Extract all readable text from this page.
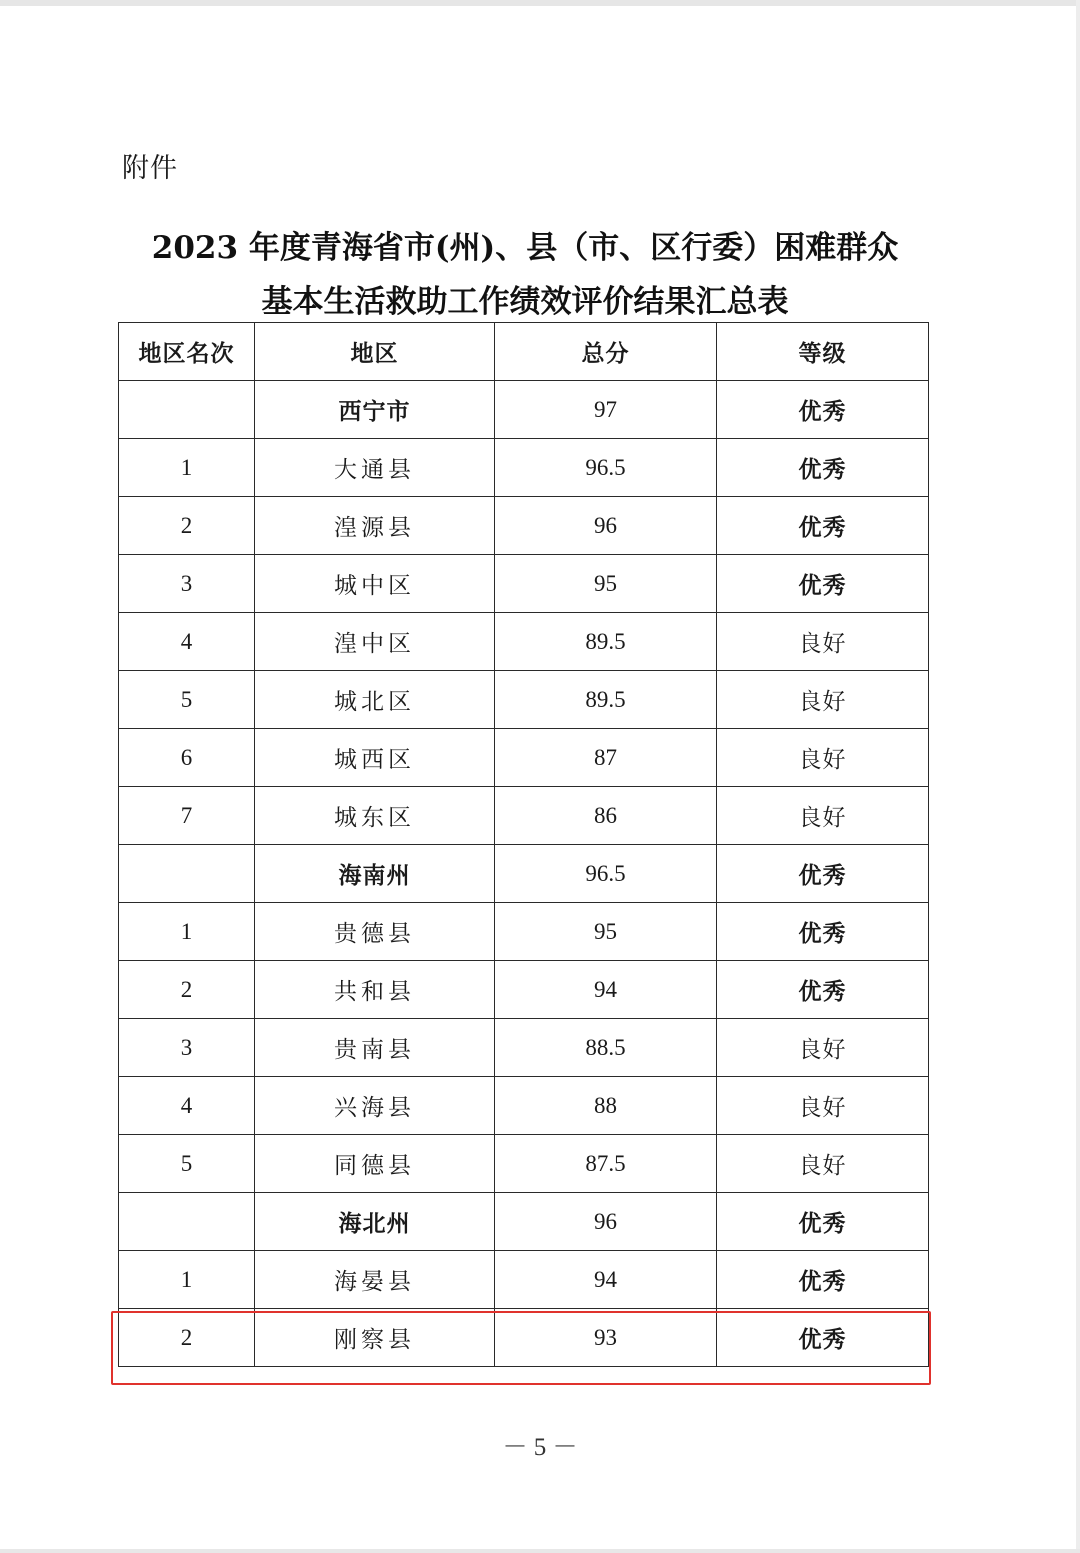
附件
2023 年度青海省市(州)、县（市、区行委）困难群众
基本生活救助工作绩效评价结果汇总表
地区名次	地区	总分	等级
	西宁市	97	优秀
1	大通县	96.5	优秀
2	湟源县	96	优秀
3	城中区	95	优秀
4	湟中区	89.5	良好
5	城北区	89.5	良好
6	城西区	87	良好
7	城东区	86	良好
	海南州	96.5	优秀
1	贵德县	95	优秀
2	共和县	94	优秀
3	贵南县	88.5	良好
4	兴海县	88	良好
5	同德县	87.5	良好
	海北州	96	优秀
1	海晏县	94	优秀
2	刚察县	93	优秀
－ 5 －
